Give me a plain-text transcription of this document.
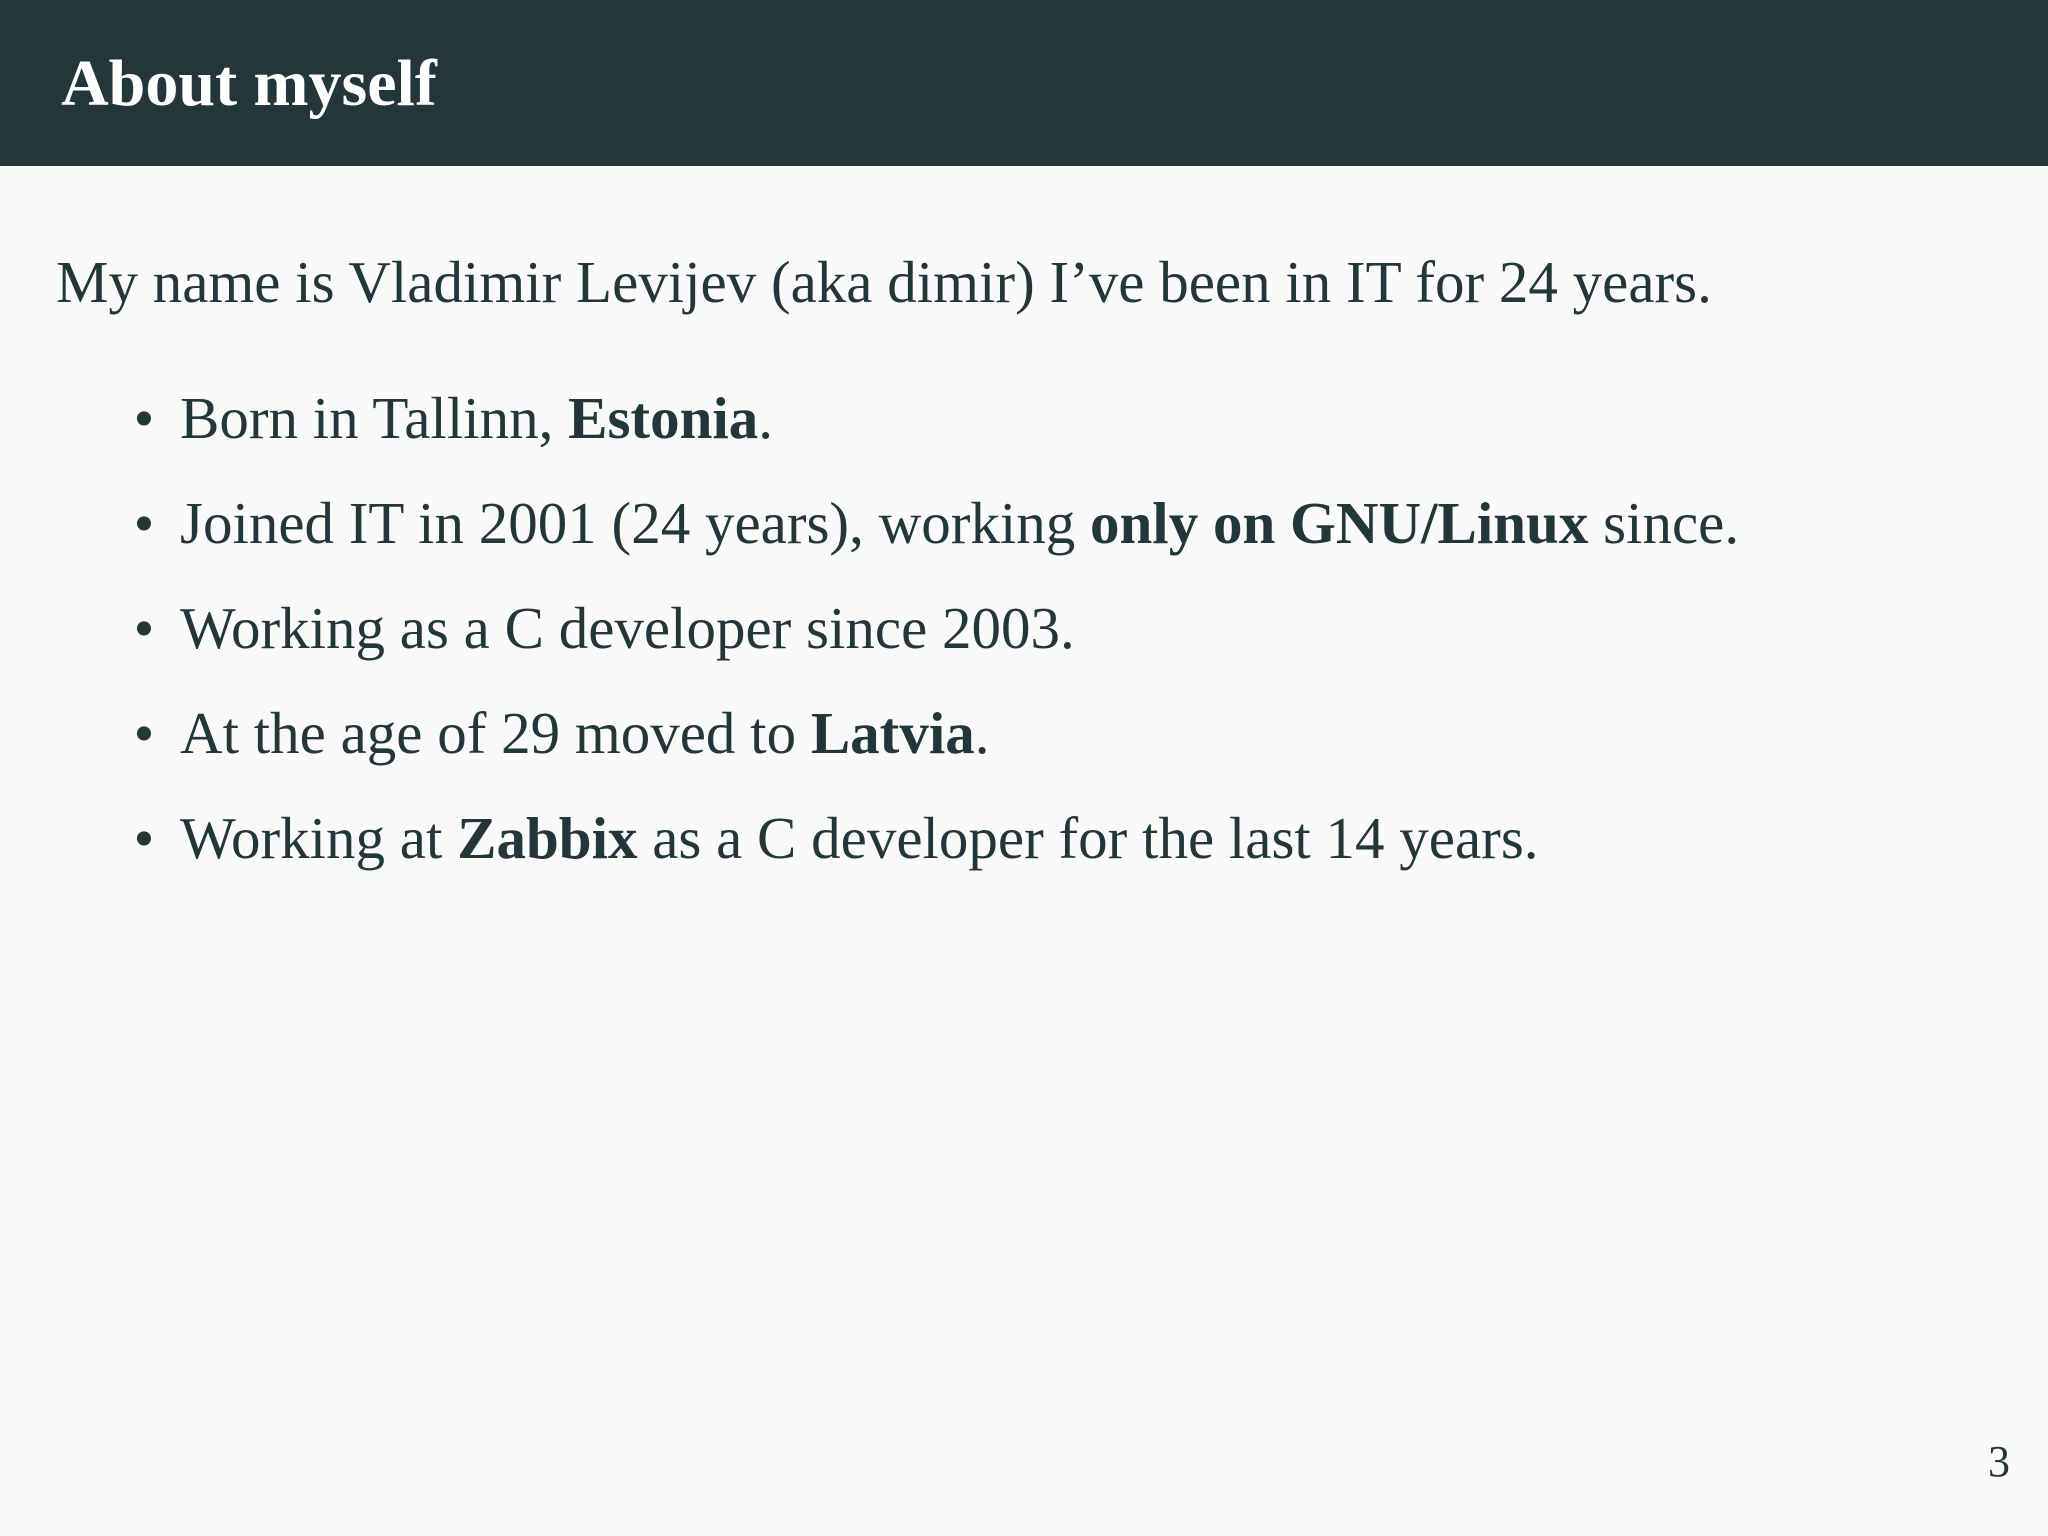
About myself

My name is Vladimir Levijev (aka dimir) I’ve been in IT for 24 years.

• Born in Tallinn, Estonia.
• Joined IT in 2001 (24 years), working only on GNU/Linux since.
• Working as a C developer since 2003.
• At the age of 29 moved to Latvia.
• Working at Zabbix as a C developer for the last 14 years.
3
